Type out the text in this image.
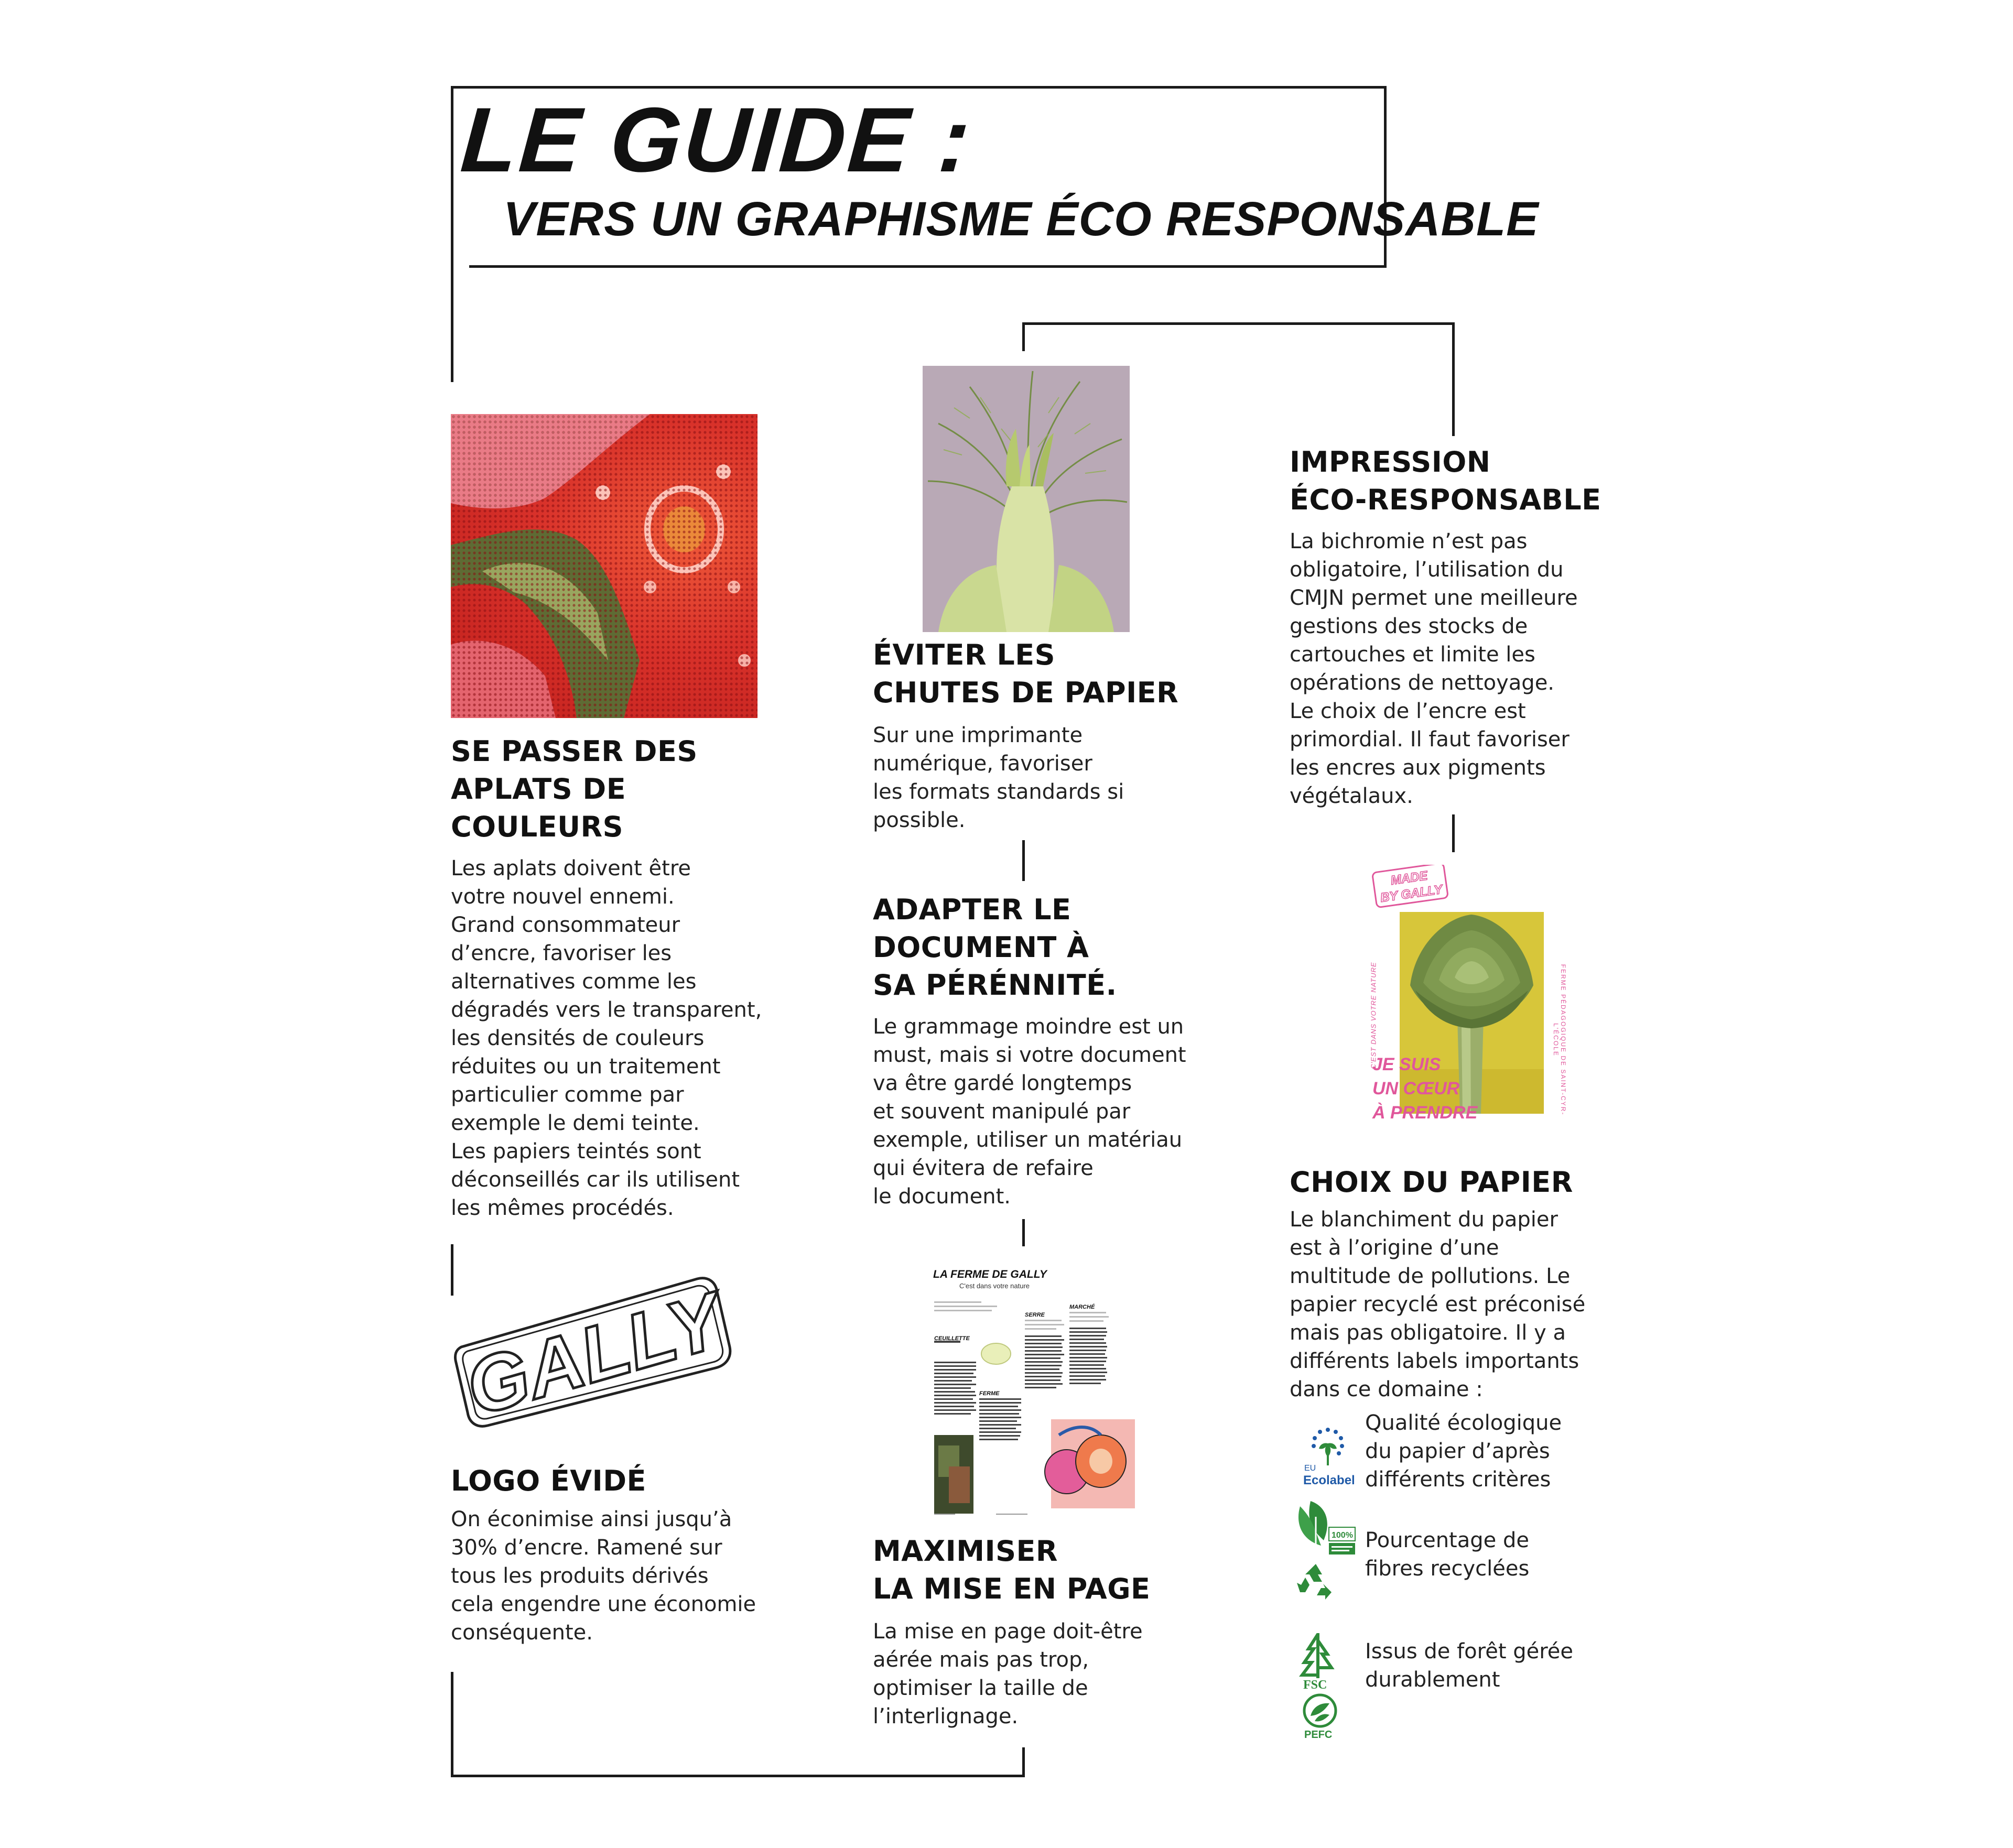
LE GUIDE :
VERS UN GRAPHISME ÉCO RESPONSABLE
SE PASSER DES
APLATS DE
COULEURS
Les aplats doivent être
votre nouvel ennemi.
Grand consommateur
d’encre, favoriser les
alternatives comme les
dégradés vers le transparent,
les densités de couleurs
réduites ou un traitement
particulier comme par
exemple le demi teinte.
Les papiers teintés sont
déconseillés car ils utilisent
les mêmes procédés.
GALLY
LOGO ÉVIDÉ
On éconimise ainsi jusqu’à
30% d’encre. Ramené sur
tous les produits dérivés
cela engendre une économie
conséquente.
ÉVITER LES
CHUTES DE PAPIER
Sur une imprimante
numérique, favoriser
les formats standards si
possible.
ADAPTER LE
DOCUMENT À
SA PÉRÉNNITÉ.
Le grammage moindre est un
must, mais si votre document
va être gardé longtemps
et souvent manipulé par
exemple, utiliser un matériau
qui évitera de refaire
le document.
LA FERME DE GALLY
C'est dans votre nature
CEUILLETTE
SERRE
MARCHÉ
FERME
MAXIMISER
LA MISE EN PAGE
La mise en page doit-être
aérée mais pas trop,
optimiser la taille de
l’interlignage.
IMPRESSION
ÉCO-RESPONSABLE
La bichromie n’est pas
obligatoire, l’utilisation du
CMJN permet une meilleure
gestions des stocks de
cartouches et limite les
opérations de nettoyage.
Le choix de l’encre est
primordial. Il faut favoriser
les encres aux pigments
végétalaux.
MADE
BY GALLY
C'EST DANS VOTRE NATURE	FERME PÉDAGOGIQUE DE SAINT-CYR-L'ÉCOLE
JE SUIS
UN CŒUR
À PRENDRE
CHOIX DU PAPIER
Le blanchiment du papier
est à l’origine d’une
multitude de pollutions. Le
papier recyclé est préconisé
mais pas obligatoire. Il y a
différents labels importants
dans ce domaine :
EU
Ecolabel
Qualité écologique
du papier d’après
différents critères
100% Pourcentage de
fibres recyclées
FSC
PEFC
Issus de forêt gérée
durablement
